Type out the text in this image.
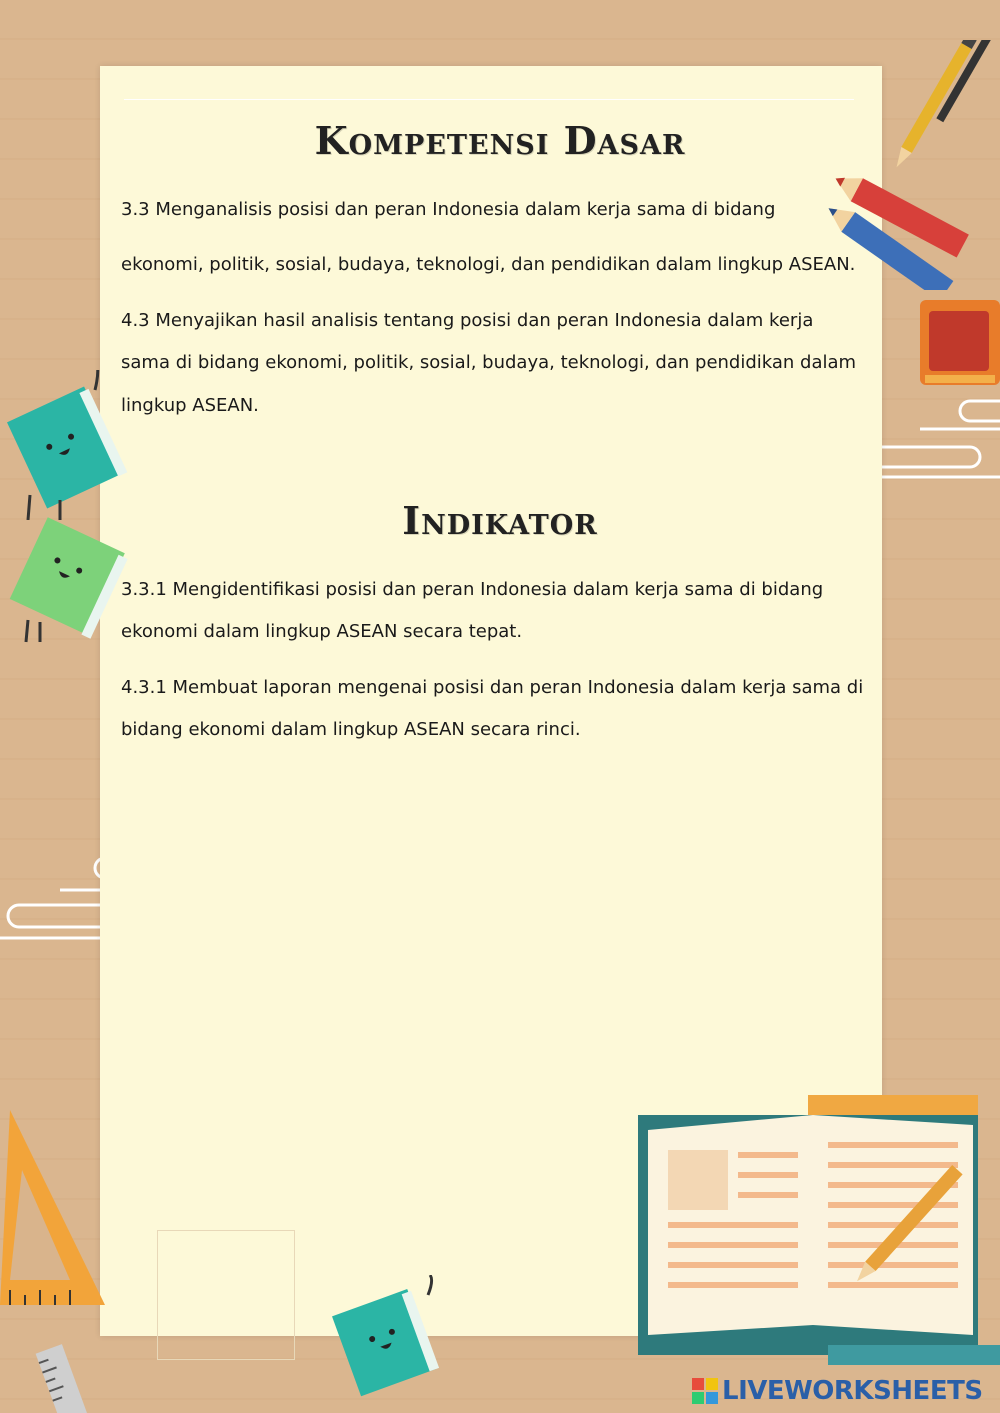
Kompetensi Dasar
3.3 Menganalisis posisi dan peran Indonesia dalam kerja sama di bidang
ekonomi, politik, sosial, budaya, teknologi, dan pendidikan dalam lingkup ASEAN.
4.3 Menyajikan hasil analisis tentang posisi dan peran Indonesia dalam kerja
sama di bidang ekonomi, politik, sosial, budaya, teknologi, dan pendidikan dalam
lingkup ASEAN.
Indikator
3.3.1 Mengidentifikasi posisi dan peran Indonesia dalam kerja sama di bidang
ekonomi dalam lingkup ASEAN secara tepat.
4.3.1 Membuat laporan mengenai posisi dan peran Indonesia dalam kerja sama di
bidang ekonomi dalam lingkup ASEAN secara rinci.
LIVEWORKSHEETS
